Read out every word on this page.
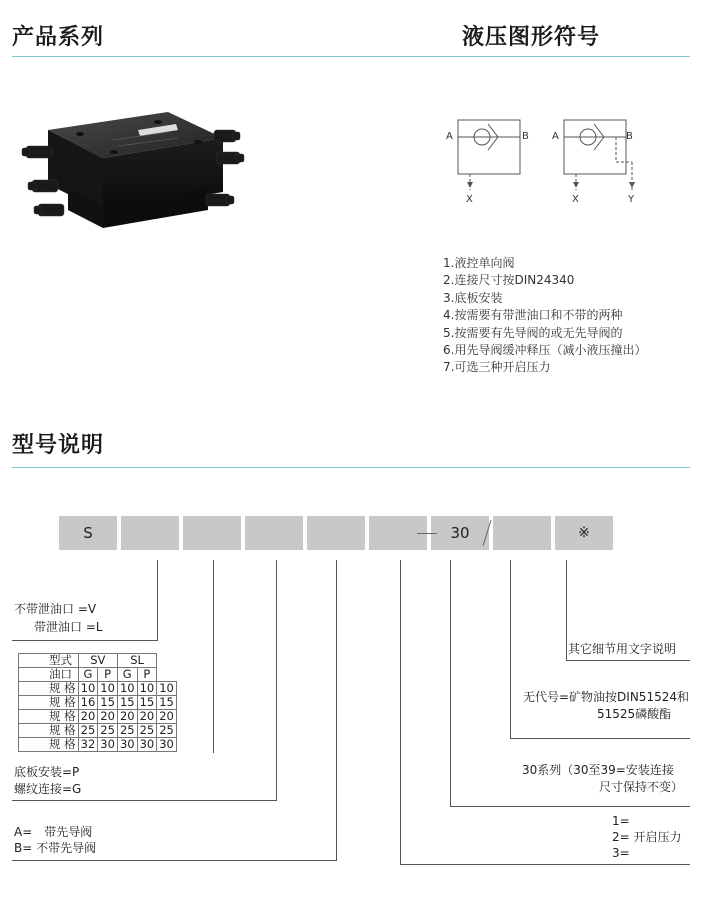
产品系列	液压图形符号
型号说明
A	B
X
A	B
X	Y
1.液控单向阀
2.连接尺寸按DIN24340
3.底板安装
4.按需要有带泄油口和不带的两种
5.按需要有先导阀的或无先导阀的
6.用先导阀缓冲释压（减小液压撞出）
7.可选三种开启压力
S	30	※
不带泄油口 =V
带泄油口 =L
型式	SV		SL		
油口	G	P	G	P	
规 格	10	10	10	10	10
规 格	16	15	15	15	15
规 格	20	20	20	20	20
规 格	25	25	25	25	25
规 格	32	30	30	30	30
底板安装=P
螺纹连接=G
A=　带先导阀
B= 不带先导阀
其它细节用文字说明
无代号=矿物油按DIN51524和
51525磷酸酯
30系列（30至39=安装连接
尺寸保持不变）
1=
2= 开启压力
3=
